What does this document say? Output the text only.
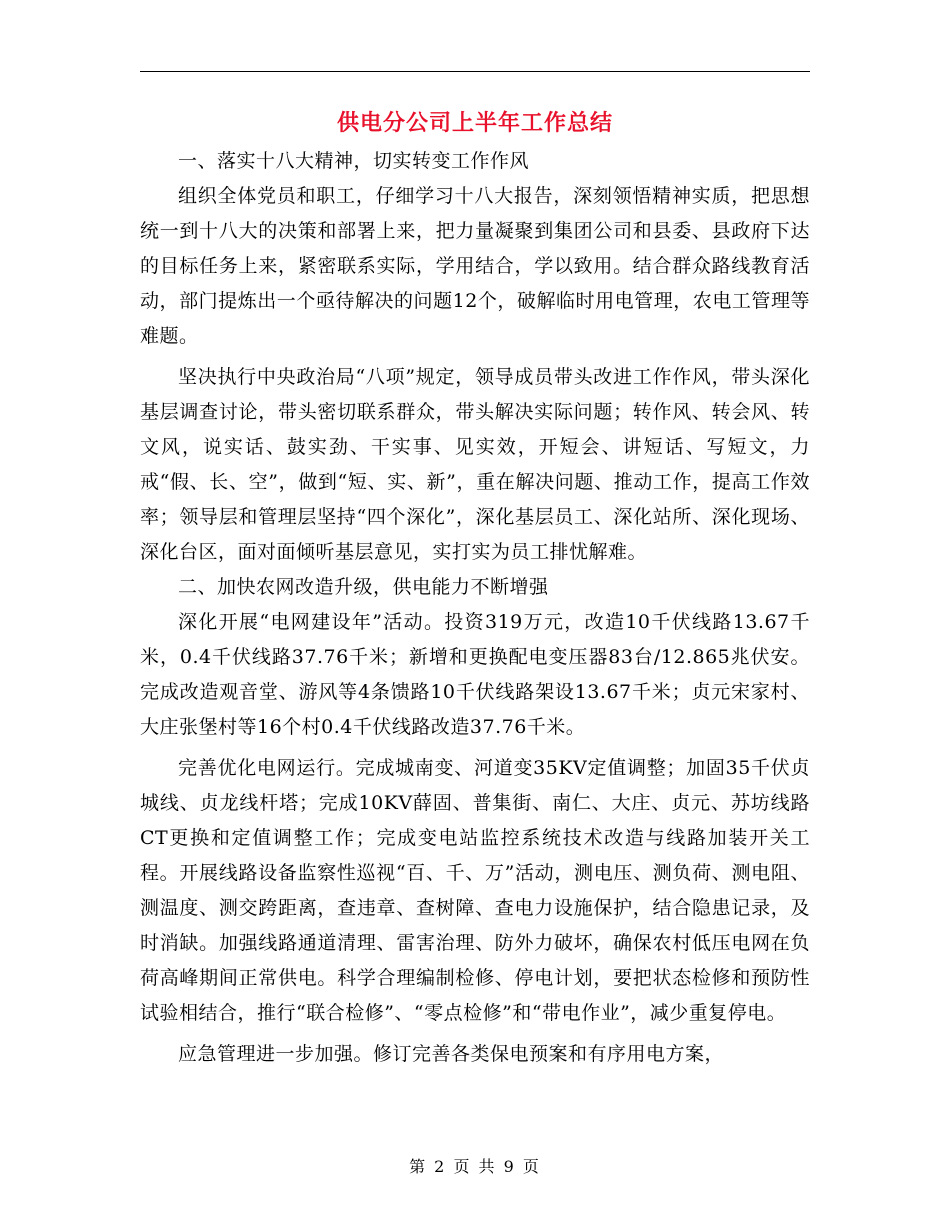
供电分公司上半年工作总结

一、落实十八大精神，切实转变工作作风

组织全体党员和职工，仔细学习十八大报告，深刻领悟精神实质，把思想统一到十八大的决策和部署上来，把力量凝聚到集团公司和县委、县政府下达的目标任务上来，紧密联系实际，学用结合，学以致用。结合群众路线教育活动，部门提炼出一个亟待解决的问题12个，破解临时用电管理，农电工管理等难题。

坚决执行中央政治局“八项”规定，领导成员带头改进工作作风，带头深化基层调查讨论，带头密切联系群众，带头解决实际问题；转作风、转会风、转文风，说实话、鼓实劲、干实事、见实效，开短会、讲短话、写短文，力戒“假、长、空”，做到“短、实、新”，重在解决问题、推动工作，提高工作效率；领导层和管理层坚持“四个深化”，深化基层员工、深化站所、深化现场、深化台区，面对面倾听基层意见，实打实为员工排忧解难。

二、加快农网改造升级，供电能力不断增强

深化开展“电网建设年”活动。投资319万元，改造10千伏线路13.67千米，0.4千伏线路37.76千米；新增和更换配电变压器83台/12.865兆伏安。完成改造观音堂、游风等4条馈路10千伏线路架设13.67千米；贞元宋家村、大庄张堡村等16个村0.4千伏线路改造37.76千米。

完善优化电网运行。完成城南变、河道变35KV定值调整；加固35千伏贞城线、贞龙线杆塔；完成10KV薛固、普集街、南仁、大庄、贞元、苏坊线路CT更换和定值调整工作；完成变电站监控系统技术改造与线路加装开关工程。开展线路设备监察性巡视“百、千、万”活动，测电压、测负荷、测电阻、测温度、测交跨距离，查违章、查树障、查电力设施保护，结合隐患记录，及时消缺。加强线路通道清理、雷害治理、防外力破坏，确保农村低压电网在负荷高峰期间正常供电。科学合理编制检修、停电计划，要把状态检修和预防性试验相结合，推行“联合检修”、“零点检修”和“带电作业”，减少重复停电。

应急管理进一步加强。修订完善各类保电预案和有序用电方案，

第 2 页 共 9 页
